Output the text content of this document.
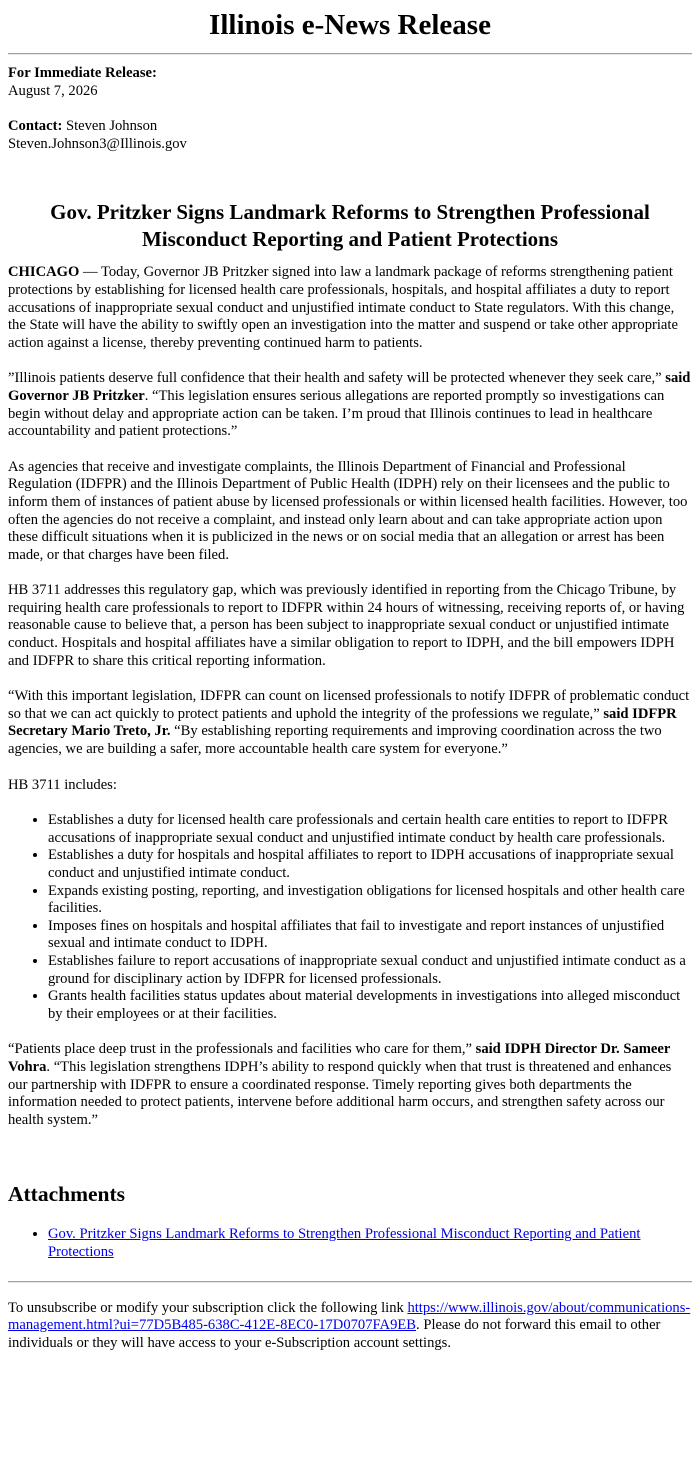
Illinois e-News Release

For Immediate Release:
August 7, 2026

Contact: Steven Johnson
Steven.Johnson3@Illinois.gov

Gov. Pritzker Signs Landmark Reforms to Strengthen Professional Misconduct Reporting and Patient Protections

CHICAGO — Today, Governor JB Pritzker signed into law a landmark package of reforms strengthening patient protections by establishing for licensed health care professionals, hospitals, and hospital affiliates a duty to report accusations of inappropriate sexual conduct and unjustified intimate conduct to State regulators. With this change, the State will have the ability to swiftly open an investigation into the matter and suspend or take other appropriate action against a license, thereby preventing continued harm to patients.

”Illinois patients deserve full confidence that their health and safety will be protected whenever they seek care,” said Governor JB Pritzker. “This legislation ensures serious allegations are reported promptly so investigations can begin without delay and appropriate action can be taken. I’m proud that Illinois continues to lead in healthcare accountability and patient protections.”

As agencies that receive and investigate complaints, the Illinois Department of Financial and Professional Regulation (IDFPR) and the Illinois Department of Public Health (IDPH) rely on their licensees and the public to inform them of instances of patient abuse by licensed professionals or within licensed health facilities. However, too often the agencies do not receive a complaint, and instead only learn about and can take appropriate action upon these difficult situations when it is publicized in the news or on social media that an allegation or arrest has been made, or that charges have been filed.

HB 3711 addresses this regulatory gap, which was previously identified in reporting from the Chicago Tribune, by requiring health care professionals to report to IDFPR within 24 hours of witnessing, receiving reports of, or having reasonable cause to believe that, a person has been subject to inappropriate sexual conduct or unjustified intimate conduct. Hospitals and hospital affiliates have a similar obligation to report to IDPH, and the bill empowers IDPH and IDFPR to share this critical reporting information.

“With this important legislation, IDFPR can count on licensed professionals to notify IDFPR of problematic conduct so that we can act quickly to protect patients and uphold the integrity of the professions we regulate,” said IDFPR Secretary Mario Treto, Jr. “By establishing reporting requirements and improving coordination across the two agencies, we are building a safer, more accountable health care system for everyone.”

HB 3711 includes:

• Establishes a duty for licensed health care professionals and certain health care entities to report to IDFPR accusations of inappropriate sexual conduct and unjustified intimate conduct by health care professionals.
• Establishes a duty for hospitals and hospital affiliates to report to IDPH accusations of inappropriate sexual conduct and unjustified intimate conduct.
• Expands existing posting, reporting, and investigation obligations for licensed hospitals and other health care facilities.
• Imposes fines on hospitals and hospital affiliates that fail to investigate and report instances of unjustified sexual and intimate conduct to IDPH.
• Establishes failure to report accusations of inappropriate sexual conduct and unjustified intimate conduct as a ground for disciplinary action by IDFPR for licensed professionals.
• Grants health facilities status updates about material developments in investigations into alleged misconduct by their employees or at their facilities.

“Patients place deep trust in the professionals and facilities who care for them,” said IDPH Director Dr. Sameer Vohra. “This legislation strengthens IDPH’s ability to respond quickly when that trust is threatened and enhances our partnership with IDFPR to ensure a coordinated response. Timely reporting gives both departments the information needed to protect patients, intervene before additional harm occurs, and strengthen safety across our health system.”

Attachments
• Gov. Pritzker Signs Landmark Reforms to Strengthen Professional Misconduct Reporting and Patient Protections

To unsubscribe or modify your subscription click the following link https://www.illinois.gov/about/communications-management.html?ui=77D5B485-638C-412E-8EC0-17D0707FA9EB. Please do not forward this email to other individuals or they will have access to your e-Subscription account settings.
